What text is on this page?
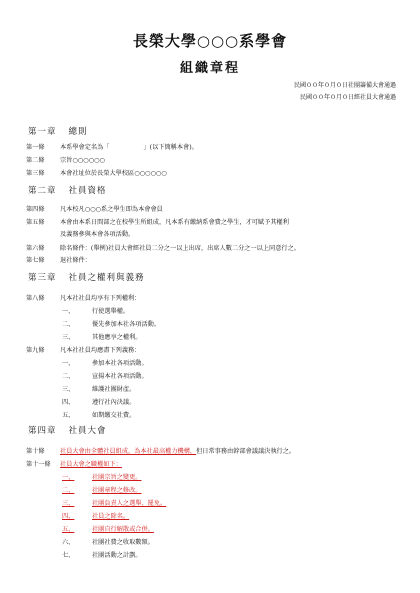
長榮大學○○○系學會
組織章程
民國００年０月０日社團籌備大會通過
民國００年０月０日經社員大會通過
第一章 總則
第一條 本系學會定名為「	」(以下簡稱本會)。
第二條 宗旨○○○○○○
第三條 本會社址位於長榮大學校區○○○○○○
第二章 社員資格
第四條 凡本校凡○○○系之學生即為本會會員
第五條 本會由本系日間部之在校學生所組成，凡本系有繳納系會費之學生，才可賦予其權利
及義務參與本會各項活動。
第六條 除名條件：(舉例)社員大會經社員二分之一以上出席，出席人數二分之一以上同意行之。
第七條 退社條件：
第三章 社員之權利與義務
第八條 凡本社社員均享有下列權利：
一、	行使選舉權。
二、	優先參加本社各項活動。
三、	其他應享之權利。
第九條 凡本社社員均應盡下列義務：
一、	參加本社各項活動。
二、	宣揚本社各項活動。
三、	維護社團財產。
四、	遵行社內決議。
五、	如期繳交社費。
第四章 社員大會
第十條 社員大會由全體社員組成，為本社最高權力機構，但日常事務由幹部會議議決執行之。
第十一條 社員大會之職權如下：
一、	社團宗旨之變更。
二、	社團章程之修改。
三、	社團負責人之選舉、罷免。
四、	社員之除名。
五、	社團自行解散或合併。
六、	社團社費之收取數額。
七、	社團活動之計劃。
